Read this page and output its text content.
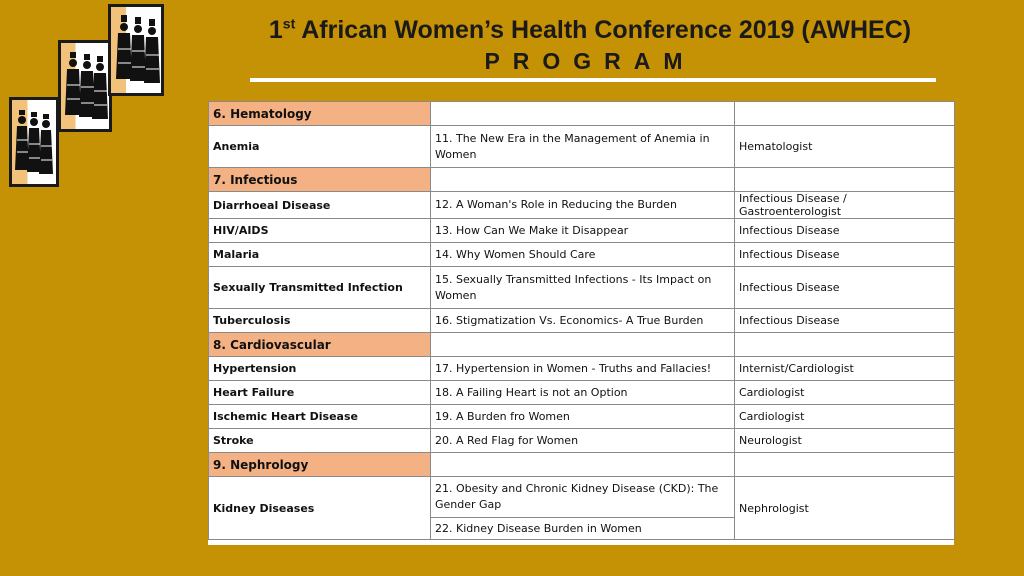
1st African Women’s Health Conference 2019 (AWHEC)
PROGRAM
6. Hematology		
Anemia	11. The New Era in the Management of Anemia in Women	Hematologist
7. Infectious		
Diarrhoeal Disease	12. A Woman's Role in Reducing the Burden	Infectious Disease / Gastroenterologist
HIV/AIDS	13. How Can We Make it Disappear	Infectious Disease
Malaria	14. Why Women Should Care	Infectious Disease
Sexually Transmitted Infection	15. Sexually Transmitted Infections - Its Impact on Women	Infectious Disease
Tuberculosis	16. Stigmatization Vs. Economics- A True Burden	Infectious Disease
8. Cardiovascular		
Hypertension	17. Hypertension in Women - Truths and Fallacies!	Internist/Cardiologist
Heart Failure	18. A Failing Heart is not an Option	Cardiologist
Ischemic Heart Disease	19. A Burden fro Women	Cardiologist
Stroke	20. A Red Flag for Women	Neurologist
9. Nephrology		
Kidney Diseases	21. Obesity and Chronic Kidney Disease (CKD): The Gender Gap	Nephrologist
	22. Kidney Disease Burden in Women	
